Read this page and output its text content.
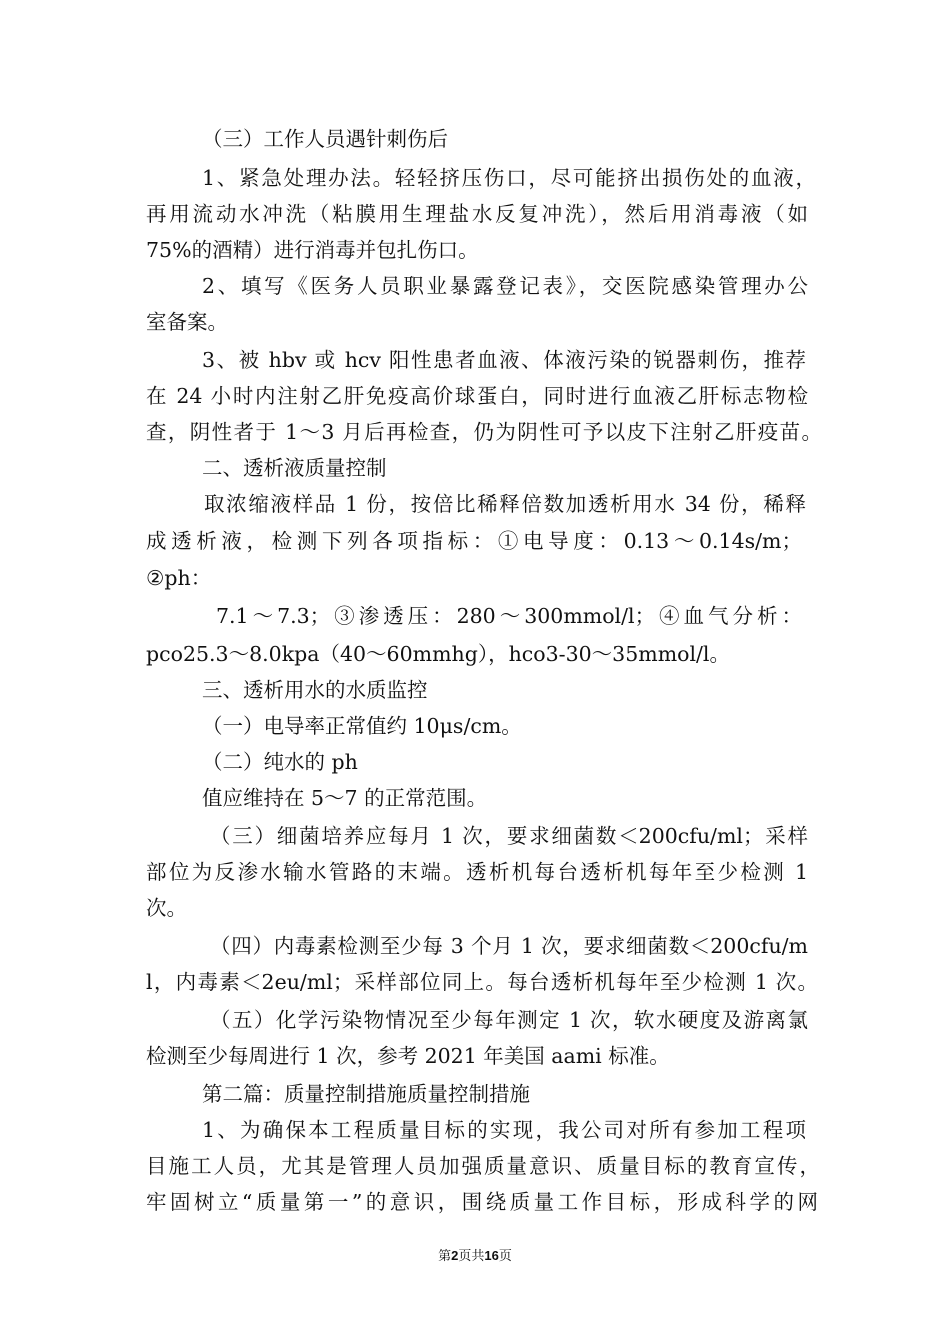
（三）工作人员遇针刺伤后
1、紧急处理办法。轻轻挤压伤口，尽可能挤出损伤处的血液，
再用流动水冲洗（粘膜用生理盐水反复冲洗），然后用消毒液（如
75%的酒精）进行消毒并包扎伤口。
2、填写《医务人员职业暴露登记表》，交医院感染管理办公
室备案。
3、被 hbv 或 hcv 阳性患者血液、体液污染的锐器刺伤，推荐
在 24 小时内注射乙肝免疫高价球蛋白，同时进行血液乙肝标志物检
查，阴性者于 1～3 月后再检查，仍为阴性可予以皮下注射乙肝疫苗。
二、透析液质量控制
取浓缩液样品 1 份，按倍比稀释倍数加透析用水 34 份，稀释
成透析液，检测下列各项指标：①电导度：0.13～0.14s/m；
②ph：
7.1～7.3；③渗透压：280～300mmol/l；④血气分析：
pco25.3～8.0kpa（40～60mmhg），hco3-30～35mmol/l。
三、透析用水的水质监控
（一）电导率正常值约 10μs/cm。
（二）纯水的 ph
值应维持在 5～7 的正常范围。
（三）细菌培养应每月 1 次，要求细菌数＜200cfu/ml；采样
部位为反渗水输水管路的末端。透析机每台透析机每年至少检测 1
次。
（四）内毒素检测至少每 3 个月 1 次，要求细菌数＜200cfu/m
l，内毒素＜2eu/ml；采样部位同上。每台透析机每年至少检测 1 次。
（五）化学污染物情况至少每年测定 1 次，软水硬度及游离氯
检测至少每周进行 1 次，参考 2021 年美国 aami 标准。
第二篇：质量控制措施质量控制措施
1、为确保本工程质量目标的实现，我公司对所有参加工程项
目施工人员，尤其是管理人员加强质量意识、质量目标的教育宣传，
牢固树立“质量第一”的意识，围绕质量工作目标，形成科学的网
第2页共16页
